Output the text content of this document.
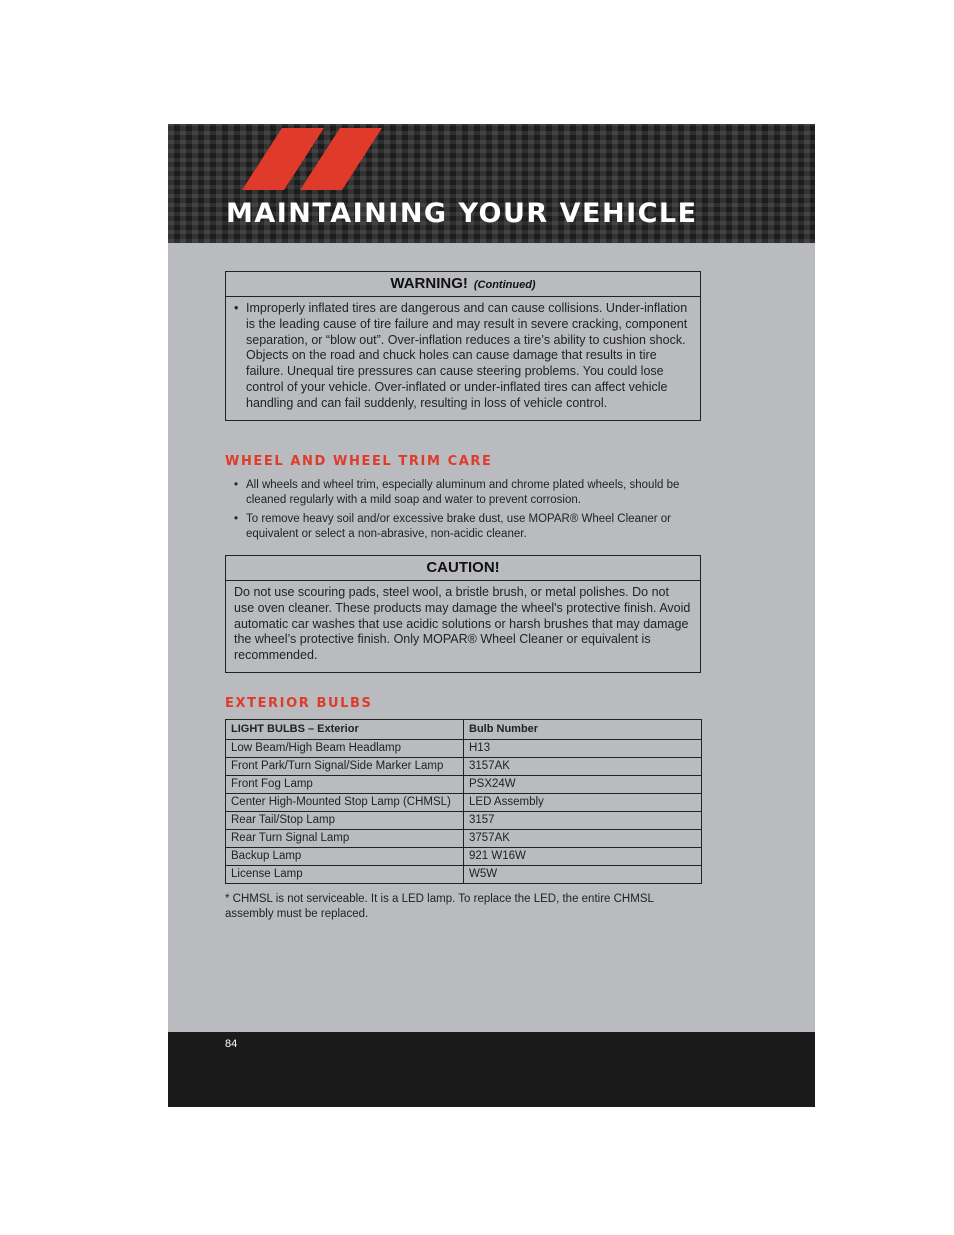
MAINTAINING YOUR VEHICLE
WARNING! (Continued)
• Improperly inflated tires are dangerous and can cause collisions. Under-inflation is the leading cause of tire failure and may result in severe cracking, component separation, or “blow out”. Over-inflation reduces a tire’s ability to cushion shock. Objects on the road and chuck holes can cause damage that results in tire failure. Unequal tire pressures can cause steering problems. You could lose control of your vehicle. Over-inflated or under-inflated tires can affect vehicle handling and can fail suddenly, resulting in loss of vehicle control.
WHEEL AND WHEEL TRIM CARE
• All wheels and wheel trim, especially aluminum and chrome plated wheels, should be cleaned regularly with a mild soap and water to prevent corrosion.
• To remove heavy soil and/or excessive brake dust, use MOPAR® Wheel Cleaner or equivalent or select a non-abrasive, non-acidic cleaner.
CAUTION!
Do not use scouring pads, steel wool, a bristle brush, or metal polishes. Do not use oven cleaner. These products may damage the wheel's protective finish. Avoid automatic car washes that use acidic solutions or harsh brushes that may damage the wheel’s protective finish. Only MOPAR® Wheel Cleaner or equivalent is recommended.
EXTERIOR BULBS
LIGHT BULBS – Exterior	Bulb Number
Low Beam/High Beam Headlamp	H13
Front Park/Turn Signal/Side Marker Lamp	3157AK
Front Fog Lamp	PSX24W
Center High-Mounted Stop Lamp (CHMSL)	LED Assembly
Rear Tail/Stop Lamp	3157
Rear Turn Signal Lamp	3757AK
Backup Lamp	921 W16W
License Lamp	W5W

* CHMSL is not serviceable. It is a LED lamp. To replace the LED, the entire CHMSL assembly must be replaced.

84
